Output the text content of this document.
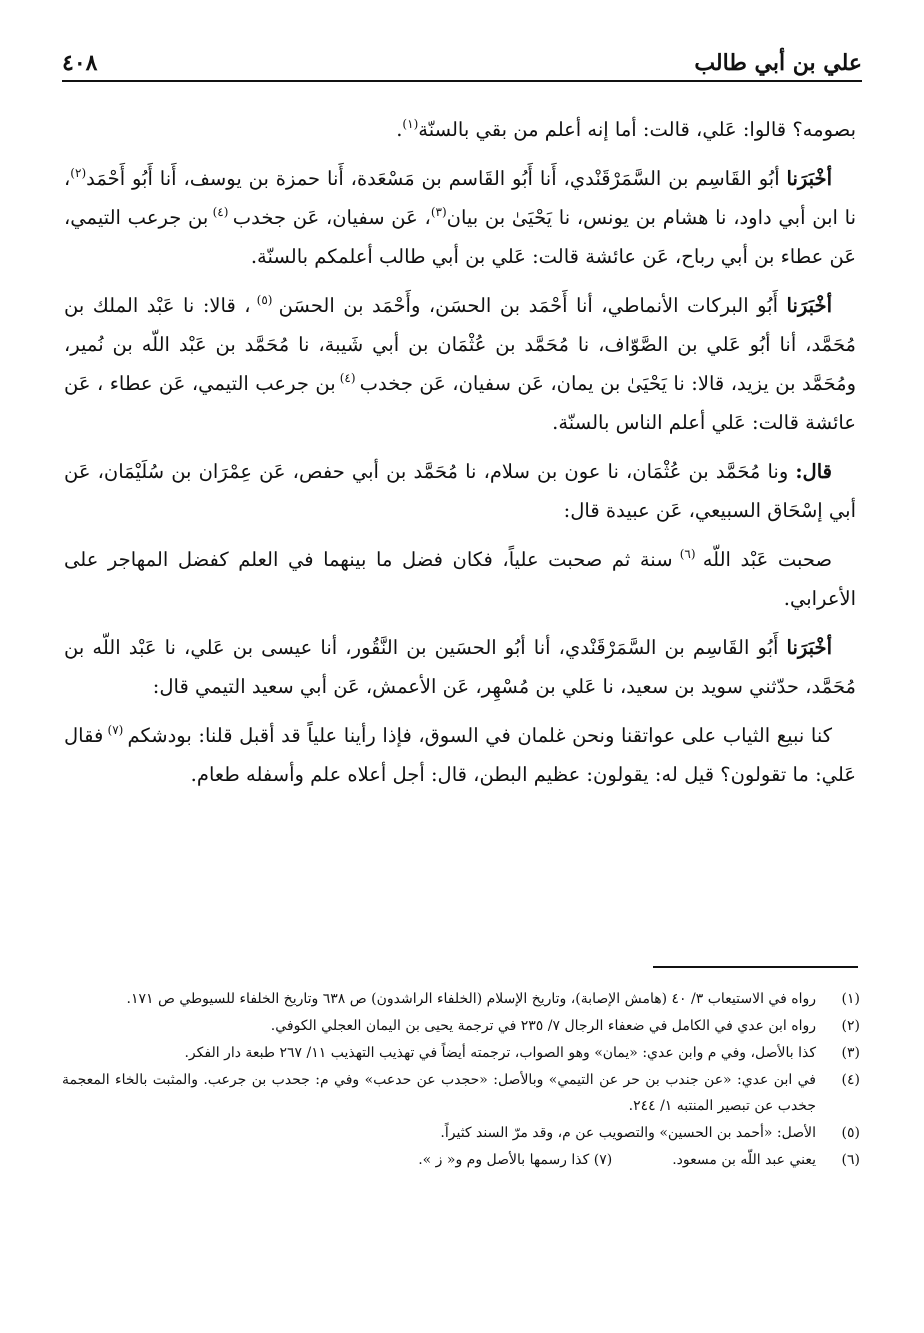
علي بن أبي طالب
٤٠٨

بصومه؟ قالوا: عَلي، قالت: أما إنه أعلم من بقي بالسنّة$^{(١)}$.

أخْبَرَنا أبُو القَاسِم بن السَّمَرْقَنْدي، أَنا أَبُو القَاسم بن مَسْعَدة، أَنا حمزة بن يوسف، أَنا أَبُو أَحْمَد$^{(٢)}$، نا ابن أبي داود، نا هشام بن يونس، نا يَحْيَىٰ بن بيان$^{(٣)}$، عَن سفيان، عَن جخدب $^{(٤)}$ بن جرعب التيمي، عَن عطاء بن أبي رباح، عَن عائشة قالت: عَلي بن أبي طالب أعلمكم بالسنّة.

أخْبَرَنا أَبُو البركات الأنماطي، أنا أَحْمَد بن الحسَن، وأَحْمَد بن الحسَن $^{(٥)}$ ، قالا: نا عَبْد الملك بن مُحَمَّد، أنا أبُو عَلي بن الصَّوّاف، نا مُحَمَّد بن عُثْمَان بن أبي شَيبة، نا مُحَمَّد بن عَبْد اللّه بن نُمير، ومُحَمَّد بن يزيد، قالا: نا يَحْيَىٰ بن يمان، عَن سفيان، عَن جخدب $^{(٤)}$ بن جرعب التيمي، عَن عطاء ، عَن عائشة قالت: عَلي أعلم الناس بالسنّة.

قال: ونا مُحَمَّد بن عُثْمَان، نا عون بن سلام، نا مُحَمَّد بن أبي حفص، عَن عِمْرَان بن سُلَيْمَان، عَن أبي إسْحَاق السبيعي، عَن عبيدة قال:

صحبت عَبْد اللّه $^{(٦)}$ سنة ثم صحبت علياً، فكان فضل ما بينهما في العلم كفضل المهاجر على الأعرابي.

أخْبَرَنا أَبُو القَاسِم بن السَّمَرْقَنْدي، أنا أبُو الحسَين بن النَّقُور، أنا عيسى بن عَلي، نا عَبْد اللّه بن مُحَمَّد، حدّثني سويد بن سعيد، نا عَلي بن مُسْهِر، عَن الأعمش، عَن أبي سعيد التيمي قال:

كنا نبيع الثياب على عواتقنا ونحن غلمان في السوق، فإذا رأينا علياً قد أقبل قلنا: بودشكم $^{(٧)}$ فقال عَلي: ما تقولون؟ قيل له: يقولون: عظيم البطن، قال: أجل أعلاه علم وأسفله طعام.

(١)
رواه في الاستيعاب ٣/ ٤٠ (هامش الإصابة)، وتاريخ الإسلام (الخلفاء الراشدون) ص ٦٣٨ وتاريخ الخلفاء للسيوطي ص ١٧١.
(٢)
رواه ابن عدي في الكامل في ضعفاء الرجال ٧/ ٢٣٥ في ترجمة يحيى بن اليمان العجلي الكوفي.
(٣)
كذا بالأصل، وفي م وابن عدي: «يمان» وهو الصواب، ترجمته أيضاً في تهذيب التهذيب ١١/ ٢٦٧ طبعة دار الفكر.
(٤)
في ابن عدي: «عن جندب بن حر عن التيمي» وبالأصل: «حجدب عن حدعب» وفي م: جحدب بن جرعب. والمثبت بالخاء المعجمة جخدب عن تبصير المنتبه ١/ ٢٤٤.
(٥)
الأصل: «أحمد بن الحسين» والتصويب عن م، وقد مرّ السند كثيراً.
(٦)
يعني عبد اللّه بن مسعود.(٧) كذا رسمها بالأصل وم و« ز ».
